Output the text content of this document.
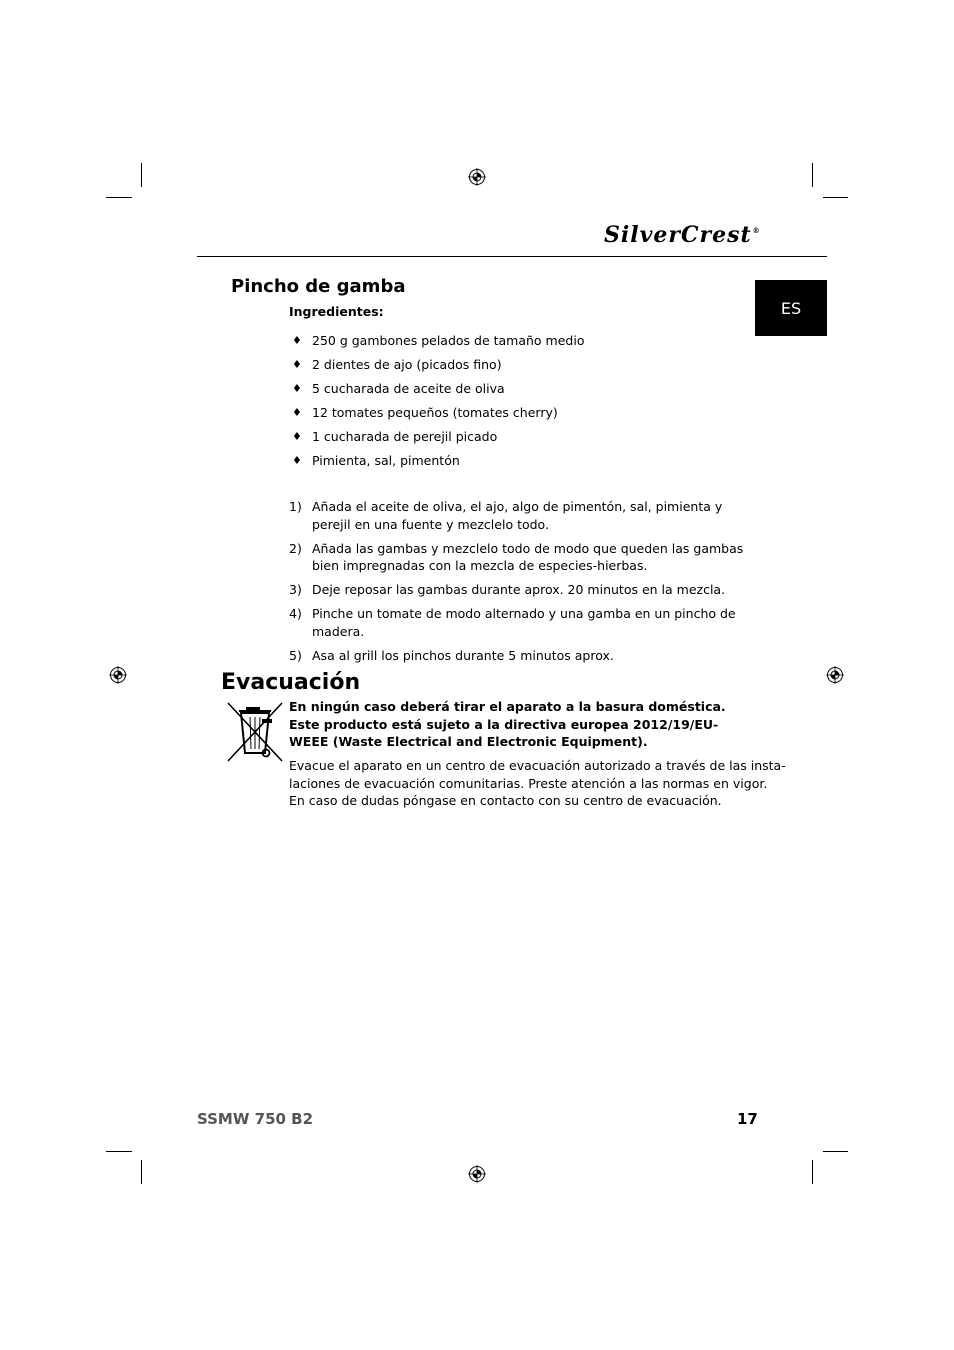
SilverCrest®
ES
Pincho de gamba
Ingredientes:
♦ 250 g gambones pelados de tamaño medio
♦ 2 dientes de ajo (picados fino)
♦ 5 cucharada de aceite de oliva
♦ 12 tomates pequeños (tomates cherry)
♦ 1 cucharada de perejil picado
♦ Pimienta, sal, pimentón
1) Añada el aceite de oliva, el ajo, algo de pimentón, sal, pimienta y perejil en una fuente y mezclelo todo.
2) Añada las gambas y mezclelo todo de modo que queden las gambas bien impregnadas con la mezcla de especies-hierbas.
3) Deje reposar las gambas durante aprox. 20 minutos en la mezcla.
4) Pinche un tomate de modo alternado y una gamba en un pincho de madera.
5) Asa al grill los pinchos durante 5 minutos aprox.
Evacuación
En ningún caso deberá tirar el aparato a la basura doméstica. Este producto está sujeto a la directiva europea 2012/19/EU-WEEE (Waste Electrical and Electronic Equipment).
Evacue el aparato en un centro de evacuación autorizado a través de las insta-
laciones de evacuación comunitarias. Preste atención a las normas en vigor.
En caso de dudas póngase en contacto con su centro de evacuación.
SSMW 750 B2	17
